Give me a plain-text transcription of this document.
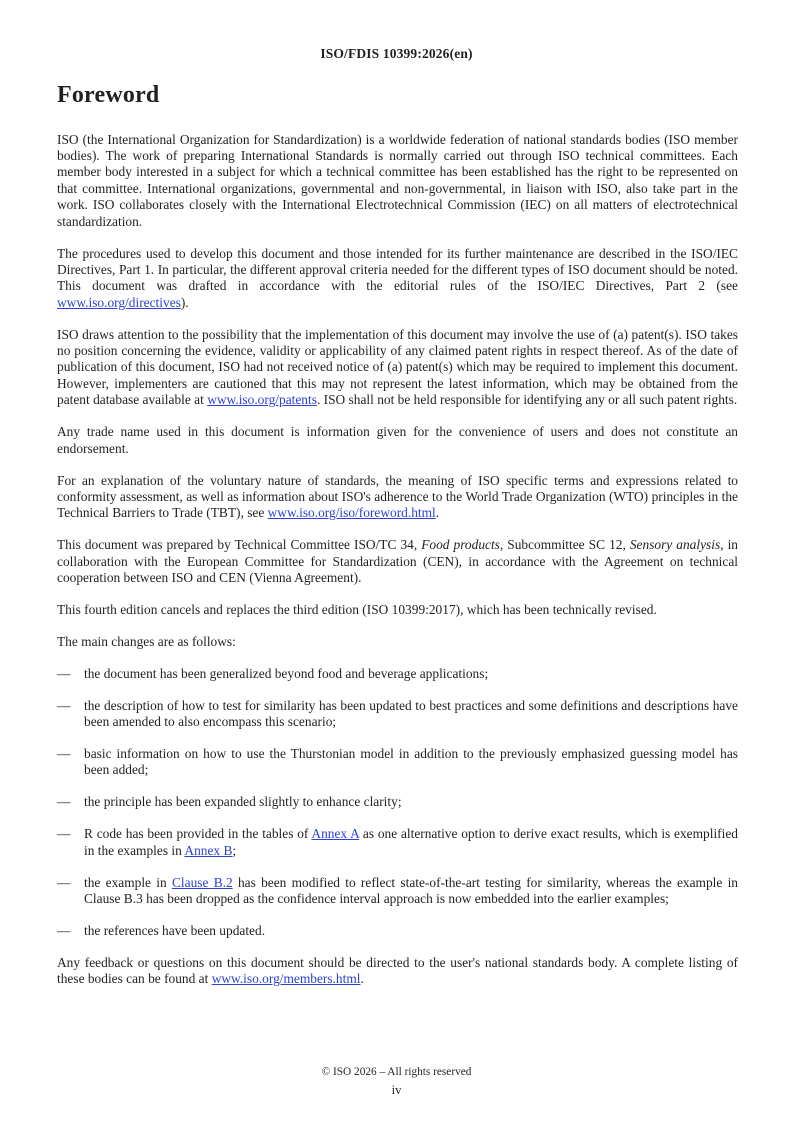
ISO/FDIS 10399:2026(en)
Foreword

ISO (the International Organization for Standardization) is a worldwide federation of national standards bodies (ISO member bodies). The work of preparing International Standards is normally carried out through ISO technical committees. Each member body interested in a subject for which a technical committee has been established has the right to be represented on that committee. International organizations, governmental and non-governmental, in liaison with ISO, also take part in the work. ISO collaborates closely with the International Electrotechnical Commission (IEC) on all matters of electrotechnical standardization.

The procedures used to develop this document and those intended for its further maintenance are described in the ISO/IEC Directives, Part 1. In particular, the different approval criteria needed for the different types of ISO document should be noted. This document was drafted in accordance with the editorial rules of the ISO/IEC Directives, Part 2 (see www.iso.org/directives).

ISO draws attention to the possibility that the implementation of this document may involve the use of (a) patent(s). ISO takes no position concerning the evidence, validity or applicability of any claimed patent rights in respect thereof. As of the date of publication of this document, ISO had not received notice of (a) patent(s) which may be required to implement this document. However, implementers are cautioned that this may not represent the latest information, which may be obtained from the patent database available at www.iso.org/patents. ISO shall not be held responsible for identifying any or all such patent rights.

Any trade name used in this document is information given for the convenience of users and does not constitute an endorsement.

For an explanation of the voluntary nature of standards, the meaning of ISO specific terms and expressions related to conformity assessment, as well as information about ISO's adherence to the World Trade Organization (WTO) principles in the Technical Barriers to Trade (TBT), see www.iso.org/iso/foreword.html.

This document was prepared by Technical Committee ISO/TC 34, Food products, Subcommittee SC 12, Sensory analysis, in collaboration with the European Committee for Standardization (CEN), in accordance with the Agreement on technical cooperation between ISO and CEN (Vienna Agreement).

This fourth edition cancels and replaces the third edition (ISO 10399:2017), which has been technically revised.

The main changes are as follows:

— the document has been generalized beyond food and beverage applications;
— the description of how to test for similarity has been updated to best practices and some definitions and descriptions have been amended to also encompass this scenario;
— basic information on how to use the Thurstonian model in addition to the previously emphasized guessing model has been added;
— the principle has been expanded slightly to enhance clarity;
— R code has been provided in the tables of Annex A as one alternative option to derive exact results, which is exemplified in the examples in Annex B;
— the example in Clause B.2 has been modified to reflect state-of-the-art testing for similarity, whereas the example in Clause B.3 has been dropped as the confidence interval approach is now embedded into the earlier examples;
— the references have been updated.

Any feedback or questions on this document should be directed to the user's national standards body. A complete listing of these bodies can be found at www.iso.org/members.html.

© ISO 2026 – All rights reserved
iv
